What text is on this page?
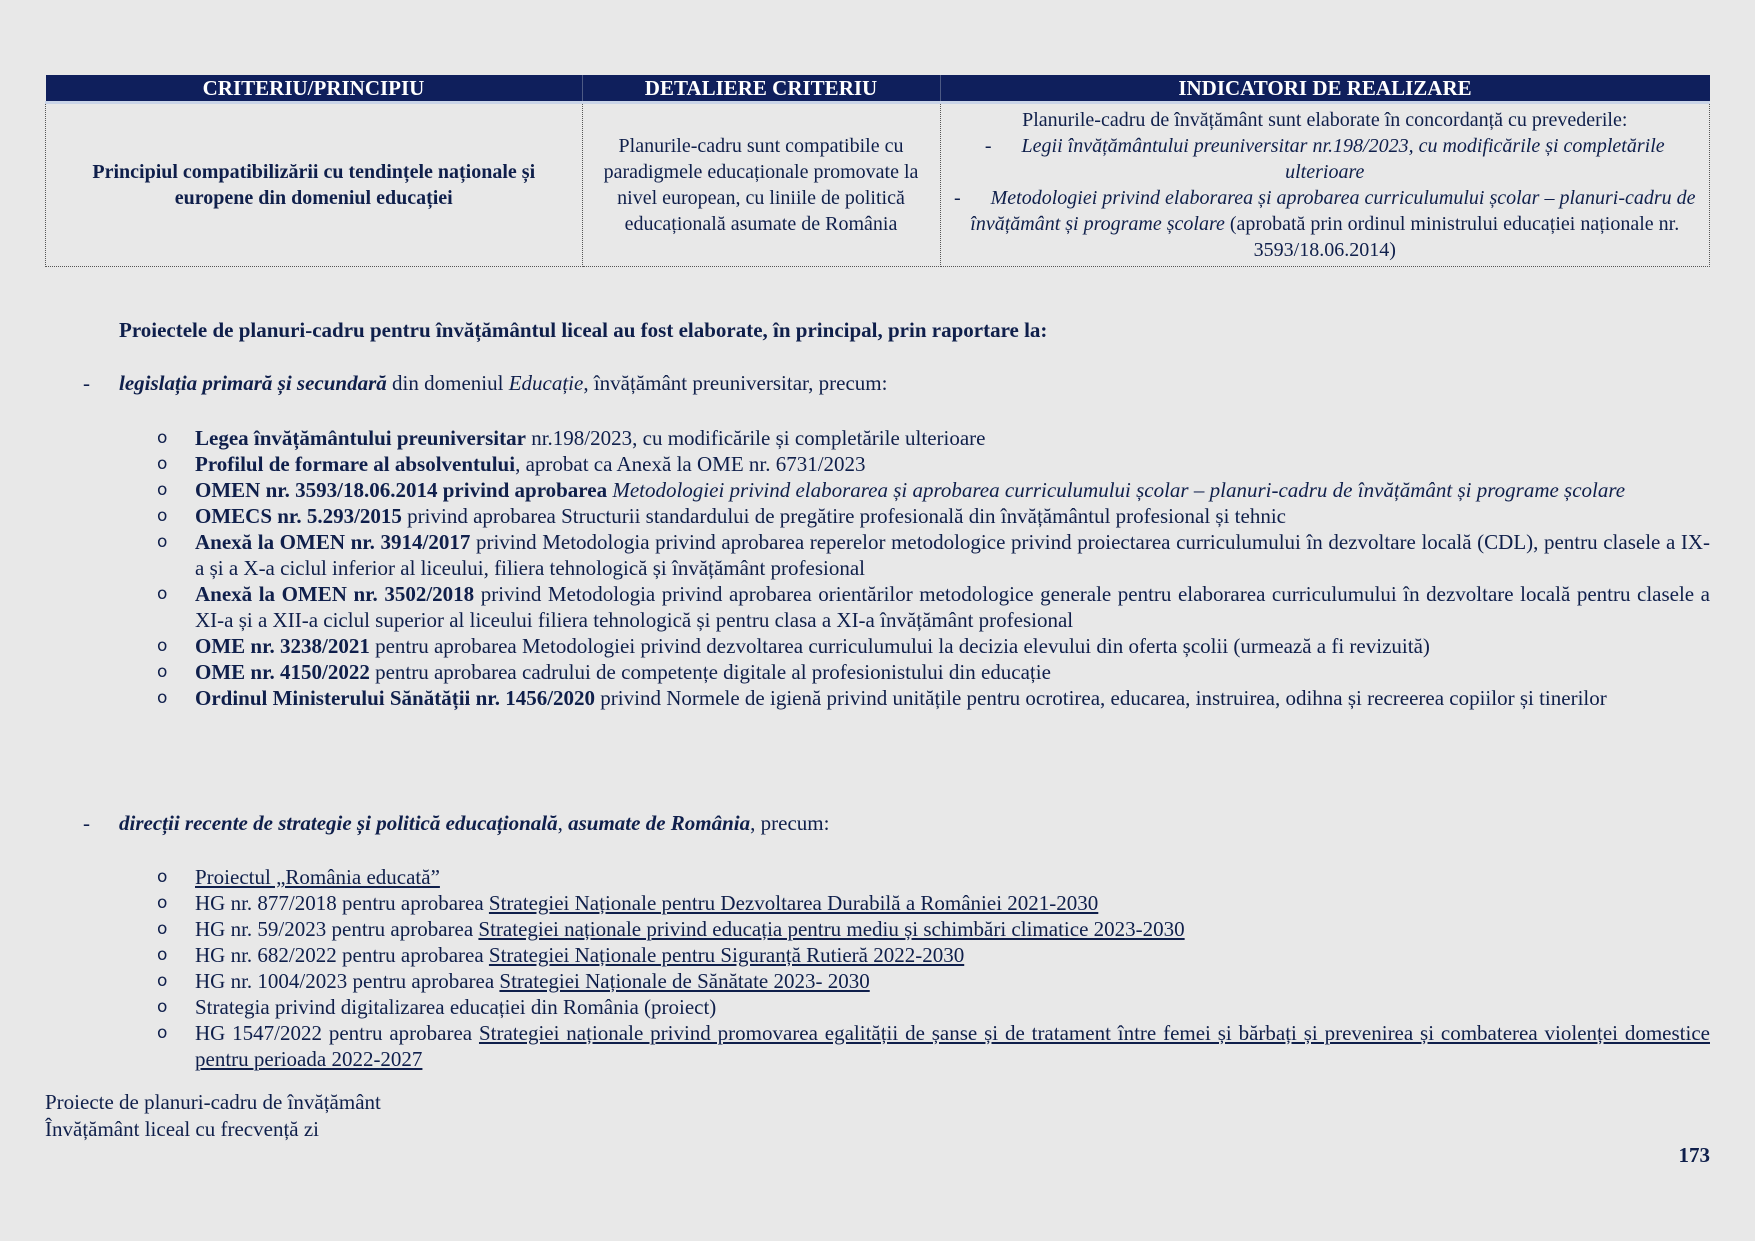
CRITERIU/PRINCIPIU	DETALIERE CRITERIU	INDICATORI DE REALIZARE
Principiul compatibilizării cu tendințele naționale și europene din domeniul educației	Planurile-cadru sunt compatibile cu paradigmele educaționale promovate la nivel european, cu liniile de politică educațională asumate de România	Planurile-cadru de învățământ sunt elaborate în concordanță cu prevederile:
- Legii învățământului preuniversitar nr.198/2023, cu modificările și completările ulterioare
- Metodologiei privind elaborarea și aprobarea curriculumului școlar – planuri-cadru de învățământ și programe școlare (aprobată prin ordinul ministrului educației naționale nr. 3593/18.06.2014)
Proiectele de planuri-cadru pentru învățământul liceal au fost elaborate, în principal, prin raportare la:
- legislația primară și secundară din domeniul Educație, învățământ preuniversitar, precum:
o Legea învățământului preuniversitar nr.198/2023, cu modificările și completările ulterioare
o Profilul de formare al absolventului, aprobat ca Anexă la OME nr. 6731/2023
o OMEN nr. 3593/18.06.2014 privind aprobarea Metodologiei privind elaborarea și aprobarea curriculumului școlar – planuri-cadru de învățământ și programe școlare
o OMECS nr. 5.293/2015 privind aprobarea Structurii standardului de pregătire profesională din învățământul profesional și tehnic
o Anexă la OMEN nr. 3914/2017 privind Metodologia privind aprobarea reperelor metodologice privind proiectarea curriculumului în dezvoltare locală (CDL), pentru clasele a IX-a și a X-a ciclul inferior al liceului, filiera tehnologică și învățământ profesional
o Anexă la OMEN nr. 3502/2018 privind Metodologia privind aprobarea orientărilor metodologice generale pentru elaborarea curriculumului în dezvoltare locală pentru clasele a XI-a și a XII-a ciclul superior al liceului filiera tehnologică și pentru clasa a XI-a învățământ profesional
o OME nr. 3238/2021 pentru aprobarea Metodologiei privind dezvoltarea curriculumului la decizia elevului din oferta școlii (urmează a fi revizuită)
o OME nr. 4150/2022 pentru aprobarea cadrului de competențe digitale al profesionistului din educație
o Ordinul Ministerului Sănătății nr. 1456/2020 privind Normele de igienă privind unitățile pentru ocrotirea, educarea, instruirea, odihna și recreerea copiilor și tinerilor
- direcții recente de strategie și politică educațională, asumate de România, precum:
o Proiectul „România educată”
o HG nr. 877/2018 pentru aprobarea Strategiei Naționale pentru Dezvoltarea Durabilă a României 2021-2030
o HG nr. 59/2023 pentru aprobarea Strategiei naționale privind educația pentru mediu și schimbări climatice 2023-2030
o HG nr. 682/2022 pentru aprobarea Strategiei Naționale pentru Siguranță Rutieră 2022-2030
o HG nr. 1004/2023 pentru aprobarea Strategiei Naționale de Sănătate 2023- 2030
o Strategia privind digitalizarea educației din România (proiect)
o HG 1547/2022 pentru aprobarea Strategiei naționale privind promovarea egalității de șanse și de tratament între femei și bărbați și prevenirea și combaterea violenței domestice pentru perioada 2022-2027
Proiecte de planuri-cadru de învățământ
Învățământ liceal cu frecvență zi
173
